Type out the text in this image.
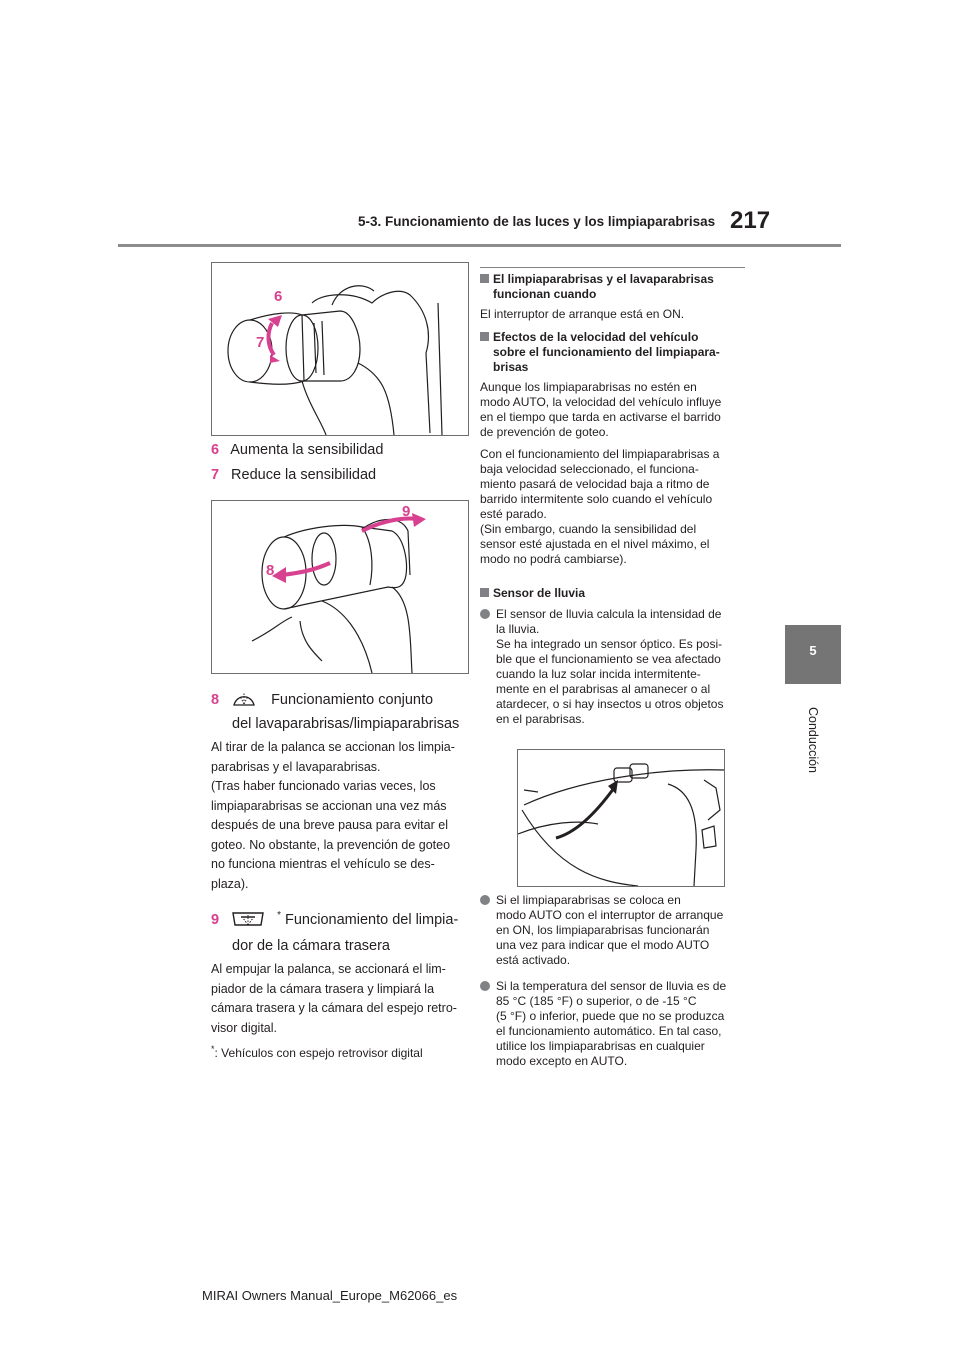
5-3. Funcionamiento de las luces y los limpiaparabrisas 217
5
Conducción
6
7
6 Aumenta la sensibilidad
7 Reduce la sensibilidad
9
8
8	Funcionamiento conjunto
del lavaparabrisas/limpiaparabrisas
Al tirar de la palanca se accionan los limpia-
parabrisas y el lavaparabrisas.
(Tras haber funcionado varias veces, los
limpiaparabrisas se accionan una vez más
después de una breve pausa para evitar el
goteo. No obstante, la prevención de goteo
no funciona mientras el vehículo se des-
plaza).
9	* Funcionamiento del limpia-
dor de la cámara trasera
Al empujar la palanca, se accionará el lim-
piador de la cámara trasera y limpiará la
cámara trasera y la cámara del espejo retro-
visor digital.
*: Vehículos con espejo retrovisor digital
El limpiaparabrisas y el lavaparabrisas
funcionan cuando
El interruptor de arranque está en ON.
Efectos de la velocidad del vehículo
sobre el funcionamiento del limpiapara-
brisas
Aunque los limpiaparabrisas no estén en
modo AUTO, la velocidad del vehículo influye
en el tiempo que tarda en activarse el barrido
de prevención de goteo.
Con el funcionamiento del limpiaparabrisas a
baja velocidad seleccionado, el funciona-
miento pasará de velocidad baja a ritmo de
barrido intermitente solo cuando el vehículo
esté parado.
(Sin embargo, cuando la sensibilidad del
sensor esté ajustada en el nivel máximo, el
modo no podrá cambiarse).
Sensor de lluvia
El sensor de lluvia calcula la intensidad de
la lluvia.
Se ha integrado un sensor óptico. Es posi-
ble que el funcionamiento se vea afectado
cuando la luz solar incida intermitente-
mente en el parabrisas al amanecer o al
atardecer, o si hay insectos u otros objetos
en el parabrisas.
Si el limpiaparabrisas se coloca en
modo AUTO con el interruptor de arranque
en ON, los limpiaparabrisas funcionarán
una vez para indicar que el modo AUTO
está activado.
Si la temperatura del sensor de lluvia es de
85 °C (185 °F) o superior, o de -15 °C
(5 °F) o inferior, puede que no se produzca
el funcionamiento automático. En tal caso,
utilice los limpiaparabrisas en cualquier
modo excepto en AUTO.
MIRAI Owners Manual_Europe_M62066_es
